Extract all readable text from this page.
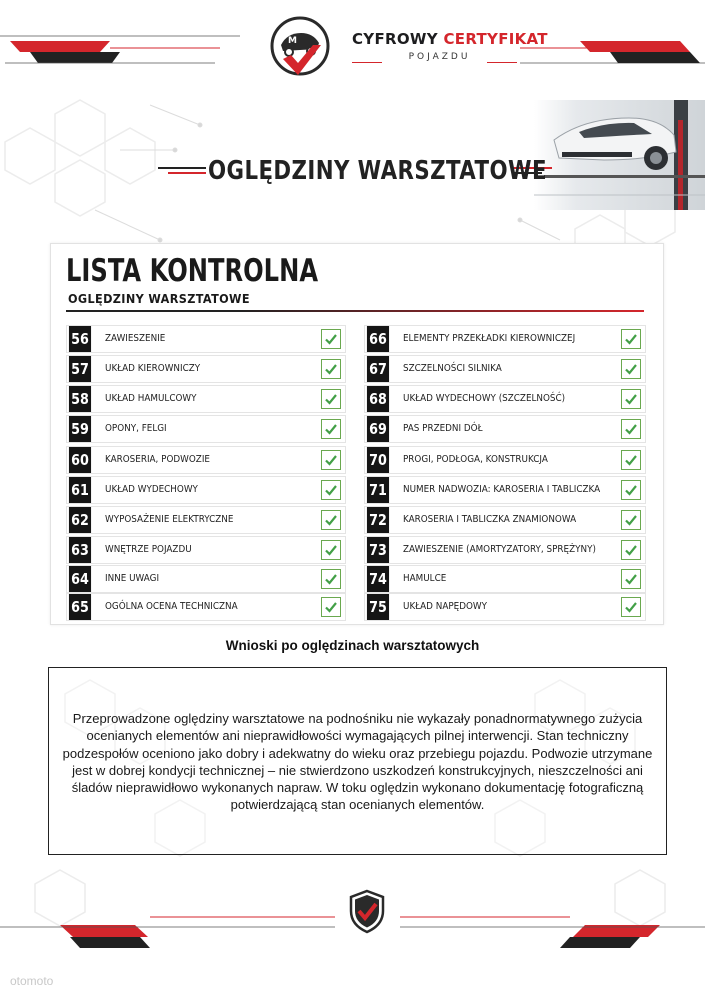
M	CYFROWY CERTYFIKAT
POJAZDU
OGLĘDZINY WARSZTATOWE
LISTA KONTROLNA
OGLĘDZINY WARSZTATOWE
56 ZAWIESZENIE
57 UKŁAD KIEROWNICZY
58 UKŁAD HAMULCOWY
59 OPONY, FELGI
60 KAROSERIA, PODWOZIE
61 UKŁAD WYDECHOWY
62 WYPOSAŻENIE ELEKTRYCZNE
63 WNĘTRZE POJAZDU
64 INNE UWAGI
65 OGÓLNA OCENA TECHNICZNA
66 ELEMENTY PRZEKŁADKI KIEROWNICZEJ
67 SZCZELNOŚCI SILNIKA
68 UKŁAD WYDECHOWY (SZCZELNOŚĆ)
69 PAS PRZEDNI DÓŁ
70 PROGI, PODŁOGA, KONSTRUKCJA
71 NUMER NADWOZIA: KAROSERIA I TABLICZKA
72 KAROSERIA I TABLICZKA ZNAMIONOWA
73 ZAWIESZENIE (AMORTYZATORY, SPRĘŻYNY)
74 HAMULCE
75 UKŁAD NAPĘDOWY
Wnioski po oględzinach warsztatowych
Przeprowadzone oględziny warsztatowe na podnośniku nie wykazały ponadnormatywnego zużycia ocenianych elementów ani nieprawidłowości wymagających pilnej interwencji. Stan techniczny podzespołów oceniono jako dobry i adekwatny do wieku oraz przebiegu pojazdu. Podwozie utrzymane jest w dobrej kondycji technicznej – nie stwierdzono uszkodzeń konstrukcyjnych, nieszczelności ani śladów nieprawidłowo wykonanych napraw. W toku oględzin wykonano dokumentację fotograficzną potwierdzającą stan ocenianych elementów.
otomoto
